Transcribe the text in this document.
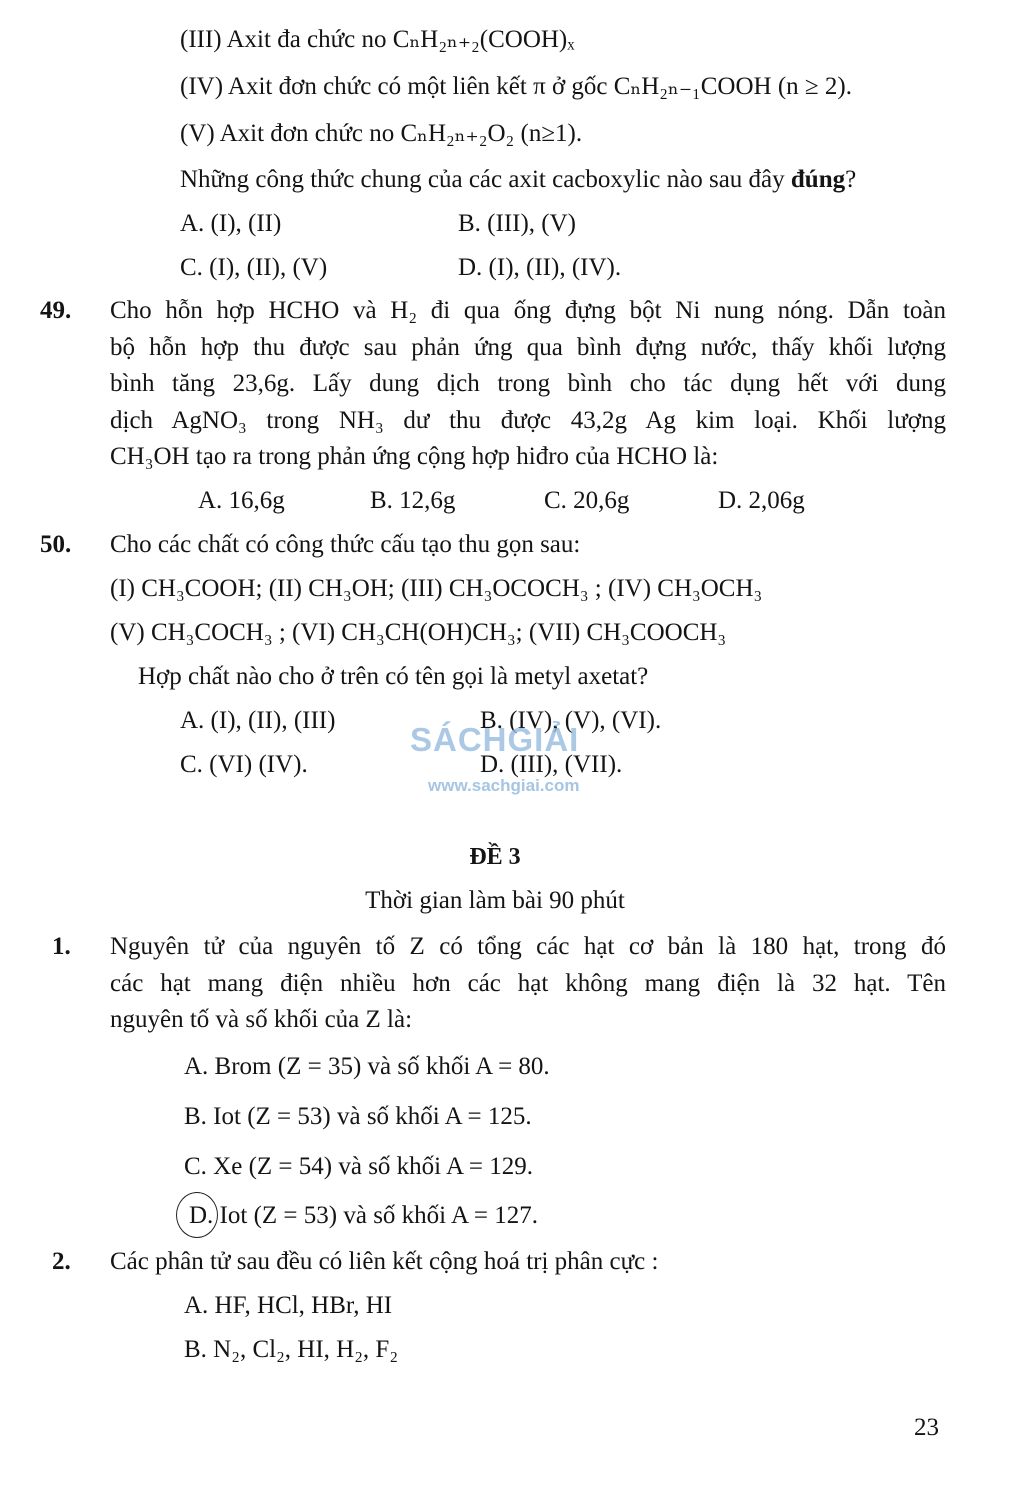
(III) Axit đa chức no CₙH₂ₙ₊₂(COOH)ₓ
(IV) Axit đơn chức có một liên kết π ở gốc CₙH₂ₙ₋₁COOH (n ≥ 2).
(V) Axit đơn chức no CₙH₂ₙ₊₂O₂ (n≥1).
Những công thức chung của các axit cacboxylic nào sau đây đúng?
A. (I), (II)	B. (III), (V)
C. (I), (II), (V)	D. (I), (II), (IV).
49. Cho hỗn hợp HCHO và H₂ đi qua ống đựng bột Ni nung nóng. Dẫn toàn
bộ hỗn hợp thu được sau phản ứng qua bình đựng nước, thấy khối lượng
bình tăng 23,6g. Lấy dung dịch trong bình cho tác dụng hết với dung
dịch AgNO₃ trong NH₃ dư thu được 43,2g Ag kim loại. Khối lượng
CH₃OH tạo ra trong phản ứng cộng hợp hiđro của HCHO là:
A. 16,6g	B. 12,6g	C. 20,6g	D. 2,06g
50. Cho các chất có công thức cấu tạo thu gọn sau:
(I) CH₃COOH; (II) CH₃OH; (III) CH₃OCOCH₃ ; (IV) CH₃OCH₃
(V) CH₃COCH₃ ; (VI) CH₃CH(OH)CH₃; (VII) CH₃COOCH₃
Hợp chất nào cho ở trên có tên gọi là metyl axetat?
A. (I), (II), (III)	B. (IV), (V), (VI).
C. (VI) (IV).	D. (III), (VII).
SÁCHGIẢI
www.sachgiai.com
ĐỀ 3
Thời gian làm bài 90 phút
1. Nguyên tử của nguyên tố Z có tổng các hạt cơ bản là 180 hạt, trong đó
các hạt mang điện nhiều hơn các hạt không mang điện là 32 hạt. Tên
nguyên tố và số khối của Z là:
A. Brom (Z = 35) và số khối A = 80.
B. Iot (Z = 53) và số khối A = 125.
C. Xe (Z = 54) và số khối A = 129.
D. Iot (Z = 53) và số khối A = 127.
2. Các phân tử sau đều có liên kết cộng hoá trị phân cực :
A. HF, HCl, HBr, HI
B. N₂, Cl₂, HI, H₂, F₂
23
